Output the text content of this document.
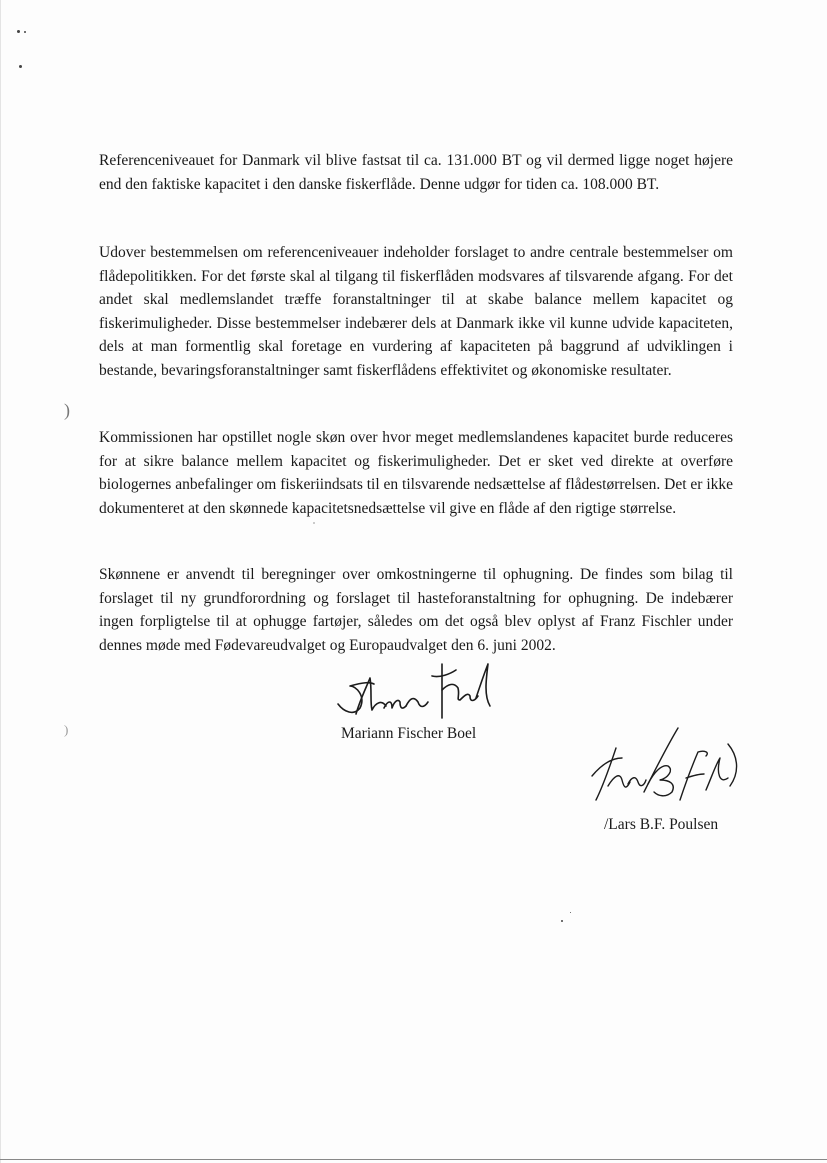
)
)

Referenceniveauet for Danmark vil blive fastsat til ca. 131.000 BT og vil dermed ligge noget højere end den faktiske kapacitet i den danske fiskerflåde. Denne udgør for tiden ca. 108.000 BT.

Udover bestemmelsen om referenceniveauer indeholder forslaget to andre centrale bestemmelser om flådepolitikken. For det første skal al tilgang til fiskerflåden modsvares af tilsvarende afgang. For det andet skal medlemslandet træffe foranstaltninger til at skabe balance mellem kapacitet og fiskerimuligheder. Disse bestemmelser indebærer dels at Danmark ikke vil kunne udvide kapaciteten, dels at man formentlig skal foretage en vurdering af kapaciteten på baggrund af udviklingen i bestande, bevaringsforanstaltninger samt fiskerflådens effektivitet og økonomiske resultater.

Kommissionen har opstillet nogle skøn over hvor meget medlemslandenes kapacitet burde reduceres for at sikre balance mellem kapacitet og fiskerimuligheder. Det er sket ved direkte at overføre biologernes anbefalinger om fiskeriindsats til en tilsvarende nedsættelse af flådestørrelsen. Det er ikke dokumenteret at den skønnede kapacitetsnedsættelse vil give en flåde af den rigtige størrelse.

Skønnene er anvendt til beregninger over omkostningerne til ophugning. De findes som bilag til forslaget til ny grundforordning og forslaget til hasteforanstaltning for ophugning. De indebærer ingen forpligtelse til at ophugge fartøjer, således om det også blev oplyst af Franz Fischler under dennes møde med Fødevareudvalget og Europaudvalget den 6. juni 2002.

Mariann Fischer Boel
/Lars B.F. Poulsen
